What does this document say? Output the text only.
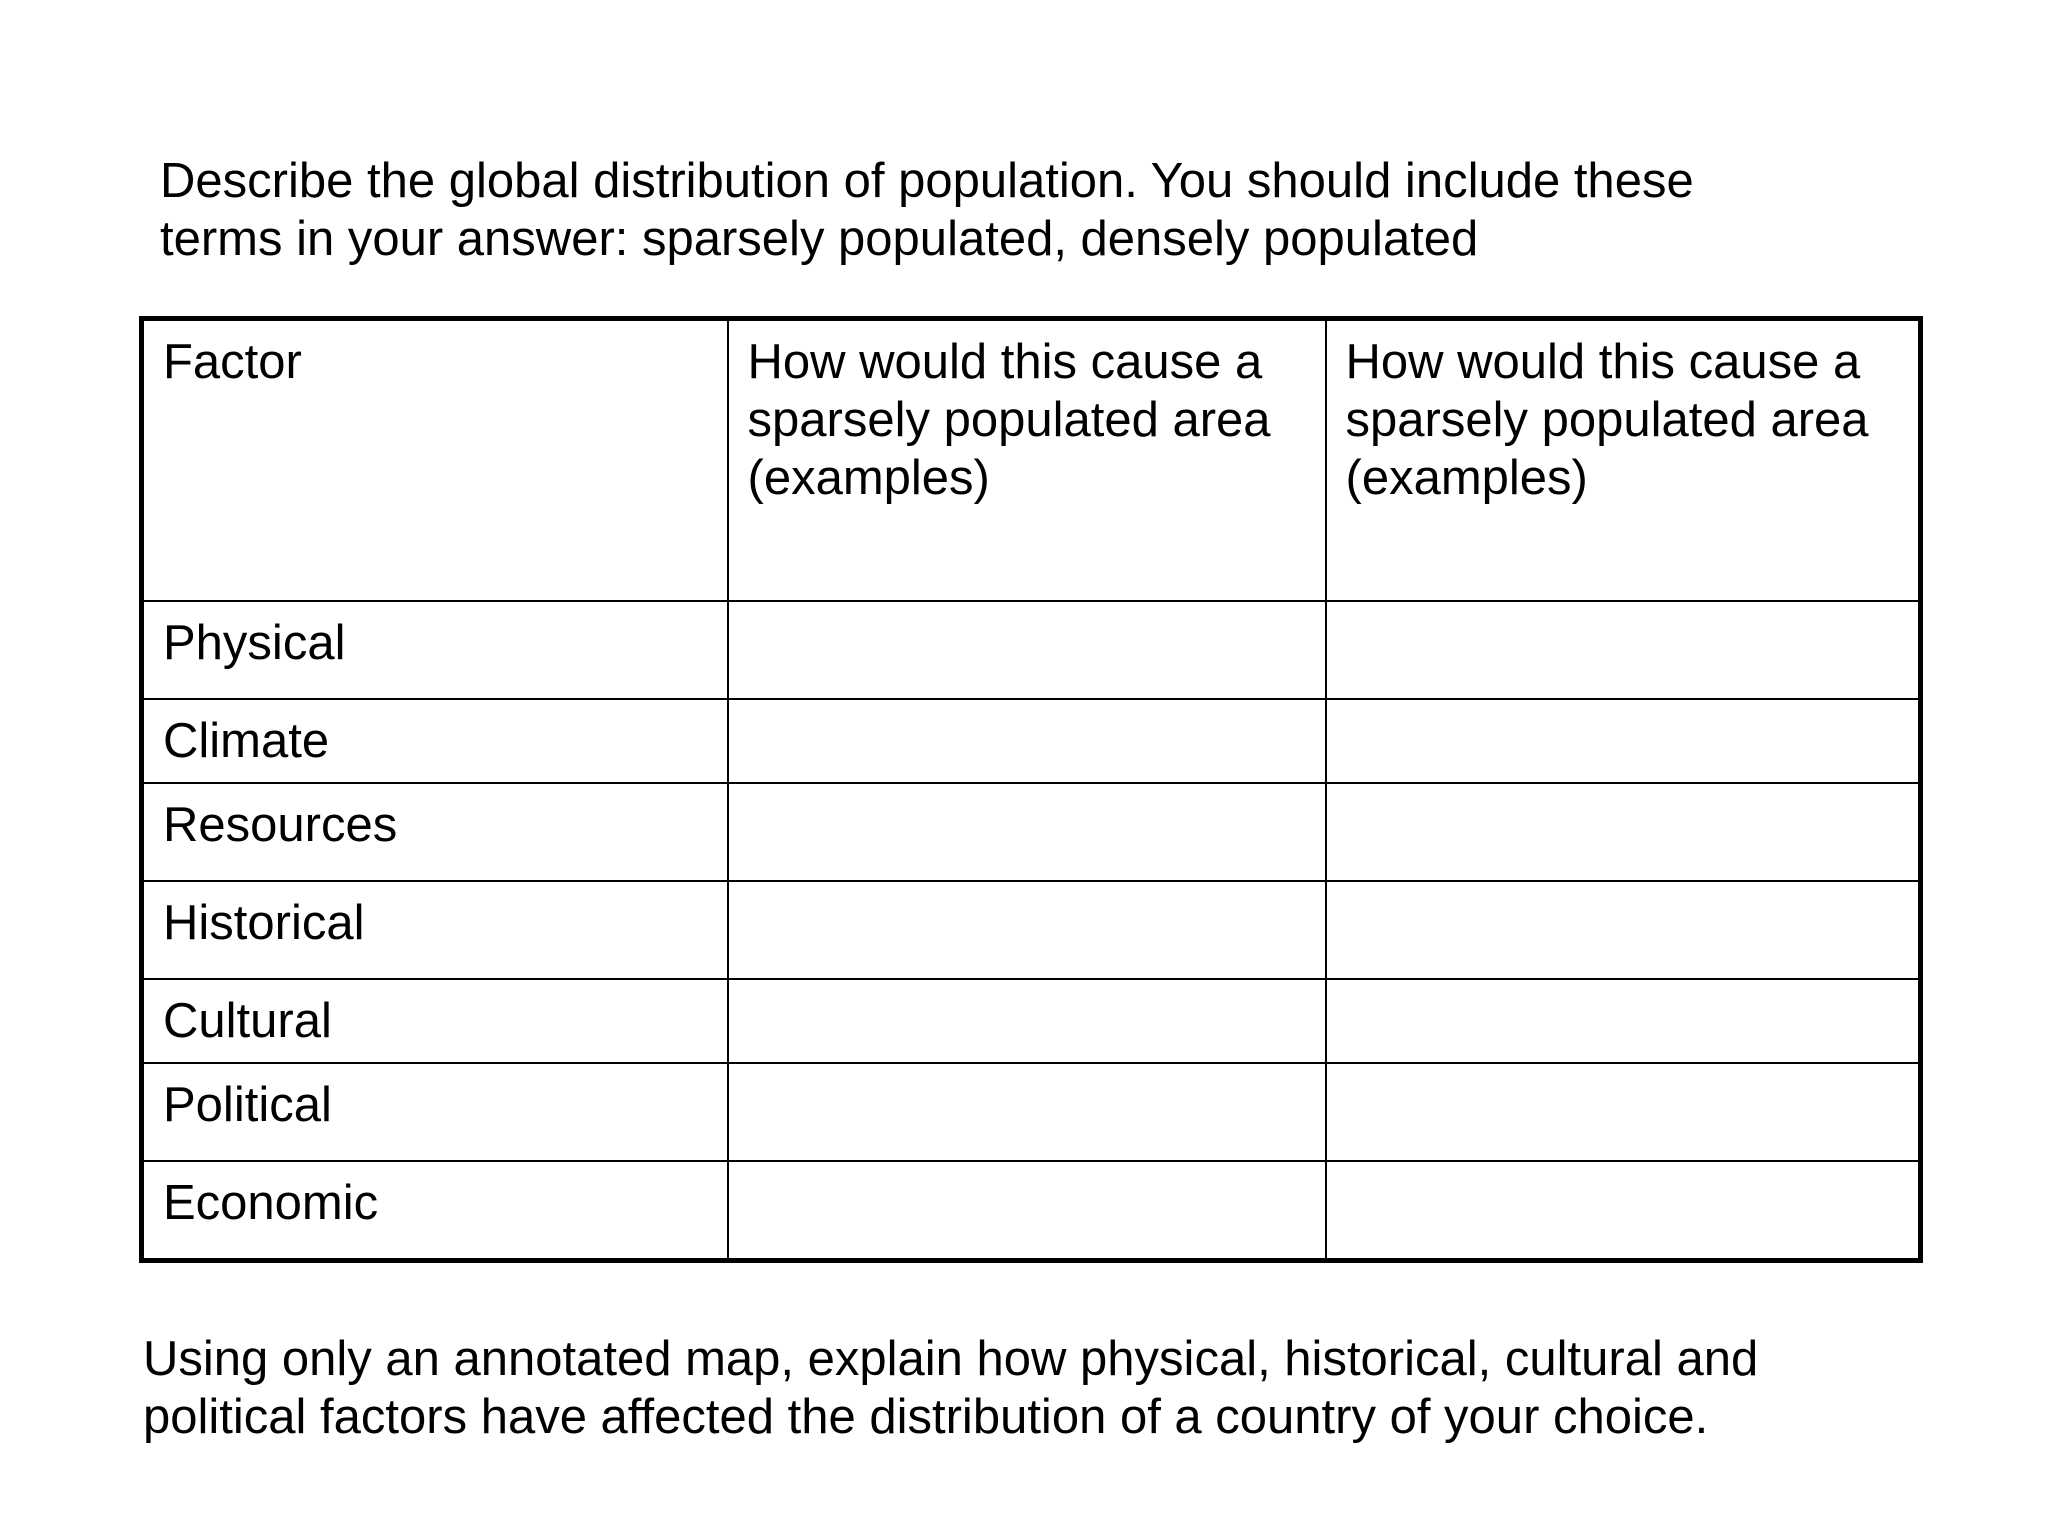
Describe the global distribution of population. You should include these
terms in your answer: sparsely populated, densely populated

Factor	How would this cause a
sparsely populated area
(examples)	How would this cause a
sparsely populated area
(examples)
Physical		
Climate		
Resources		
Historical		
Cultural		
Political		
Economic		

Using only an annotated map, explain how physical, historical, cultural and
political factors have affected the distribution of a country of your choice.
